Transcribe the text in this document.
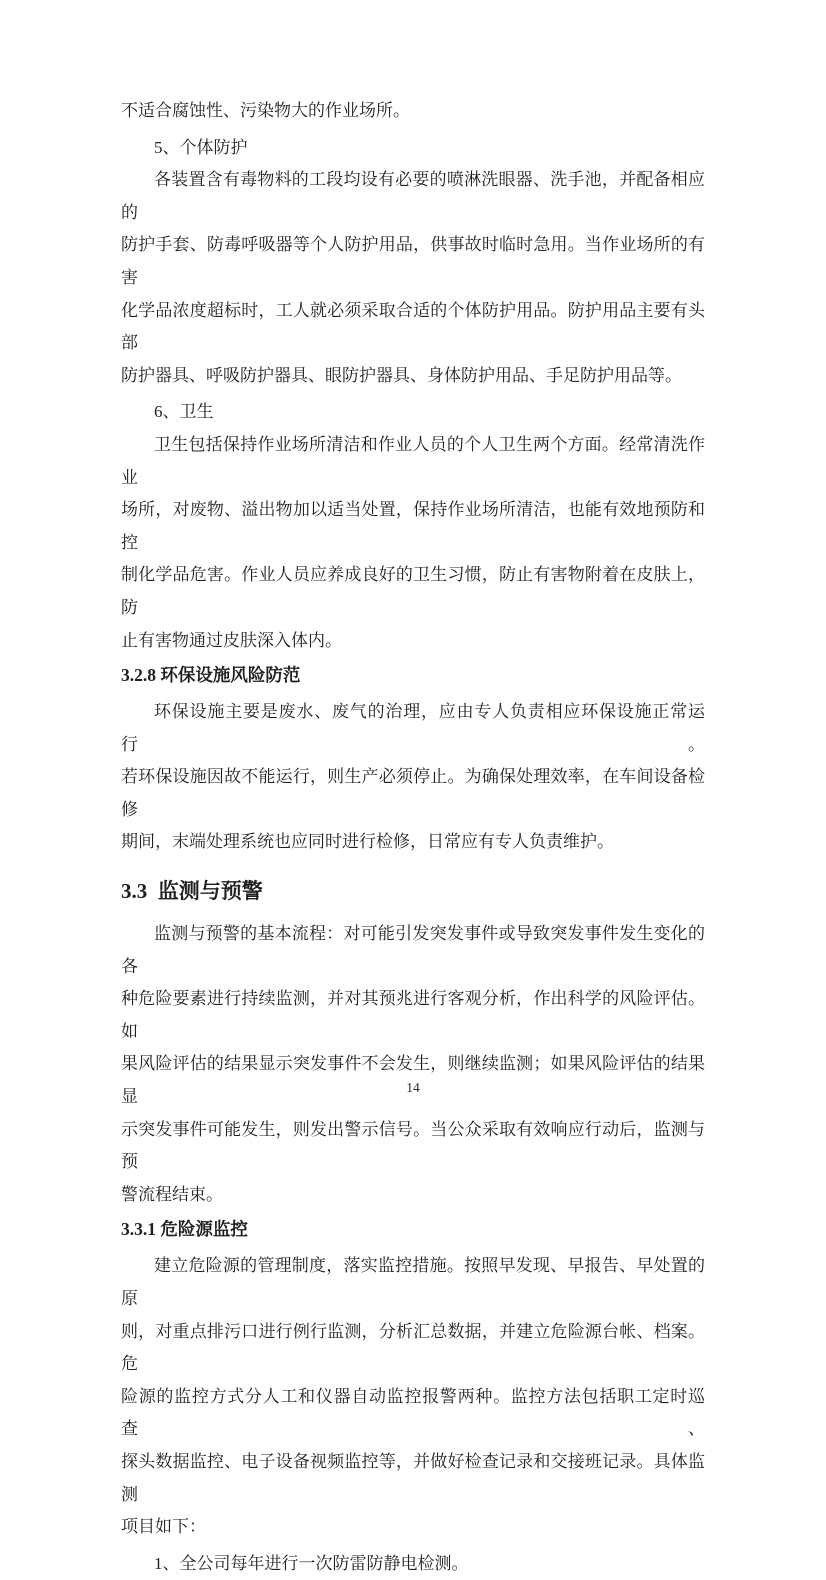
不适合腐蚀性、污染物大的作业场所。
5、个体防护
各装置含有毒物料的工段均设有必要的喷淋洗眼器、洗手池，并配备相应的
防护手套、防毒呼吸器等个人防护用品，供事故时临时急用。当作业场所的有害
化学品浓度超标时，工人就必须采取合适的个体防护用品。防护用品主要有头部
防护器具、呼吸防护器具、眼防护器具、身体防护用品、手足防护用品等。
6、卫生
卫生包括保持作业场所清洁和作业人员的个人卫生两个方面。经常清洗作业
场所，对废物、溢出物加以适当处置，保持作业场所清洁，也能有效地预防和控
制化学品危害。作业人员应养成良好的卫生习惯，防止有害物附着在皮肤上，防
止有害物通过皮肤深入体内。
3.2.8 环保设施风险防范
环保设施主要是废水、废气的治理，应由专人负责相应环保设施正常运行。
若环保设施因故不能运行，则生产必须停止。为确保处理效率，在车间设备检修
期间，末端处理系统也应同时进行检修，日常应有专人负责维护。
3.3  监测与预警
监测与预警的基本流程：对可能引发突发事件或导致突发事件发生变化的各
种危险要素进行持续监测，并对其预兆进行客观分析，作出科学的风险评估。如
果风险评估的结果显示突发事件不会发生，则继续监测；如果风险评估的结果显
示突发事件可能发生，则发出警示信号。当公众采取有效响应行动后，监测与预
警流程结束。
3.3.1 危险源监控
建立危险源的管理制度，落实监控措施。按照早发现、早报告、早处置的原
则，对重点排污口进行例行监测，分析汇总数据，并建立危险源台帐、档案。危
险源的监控方式分人工和仪器自动监控报警两种。监控方法包括职工定时巡查、
探头数据监控、电子设备视频监控等，并做好检查记录和交接班记录。具体监测
项目如下：
1、全公司每年进行一次防雷防静电检测。
14
